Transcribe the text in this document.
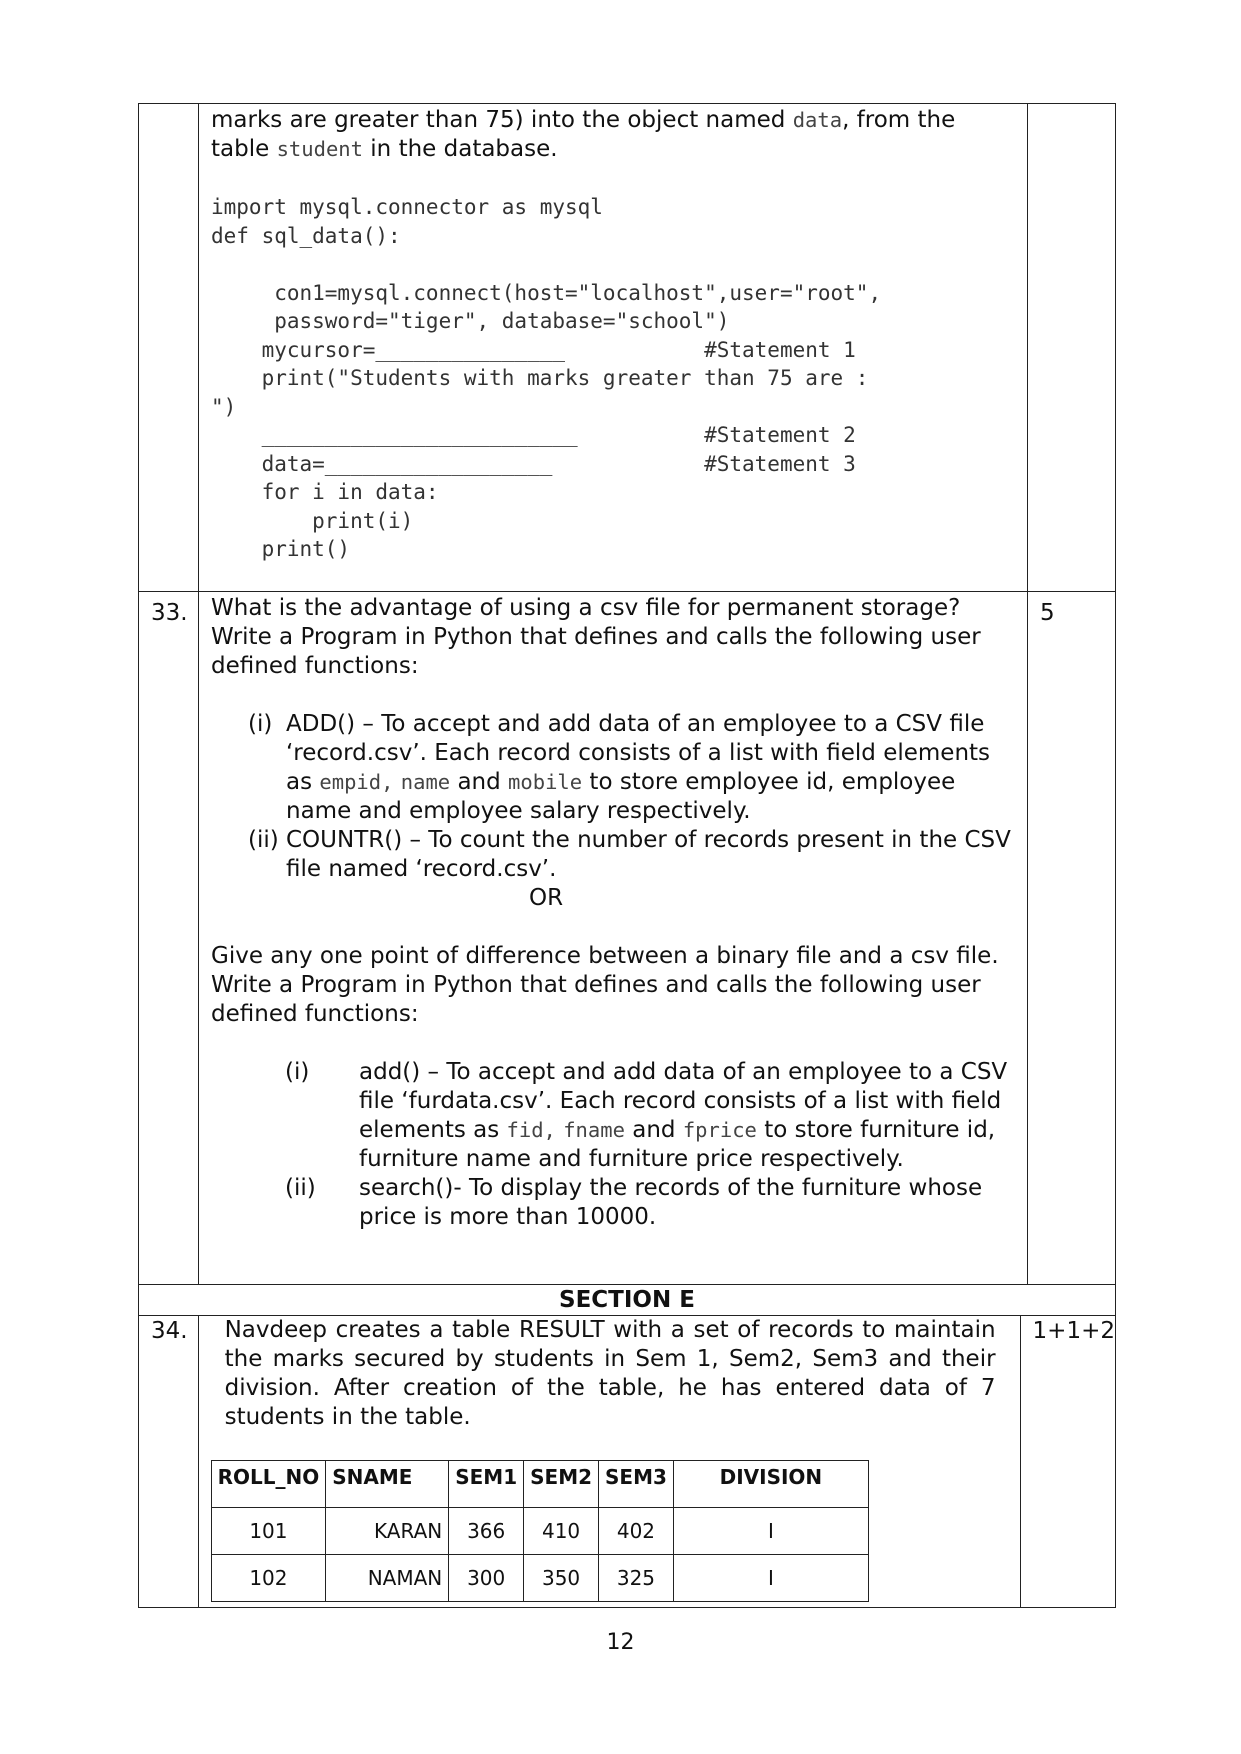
marks are greater than 75) into the object named data, from the

table student in the database.

import mysql.connector as mysql
def sql_data():

con1=mysql.connect(host="localhost",user="root",
password="tiger", database="school")
mycursor=_______________           #Statement 1
print("Students with marks greater than 75 are :
")
_________________________          #Statement 2
data=__________________            #Statement 3
for i in data:
print(i)
print()
33.	What is the advantage of using a csv file for permanent storage?

Write a Program in Python that defines and calls the following user defined functions:

(i) ADD() – To accept and add data of an employee to a CSV file ‘record.csv’. Each record consists of a list with field elements as empid, name and mobile to store employee id, employee name and employee salary respectively.
(ii) COUNTR() – To count the number of records present in the CSV file named ‘record.csv’.

OR

Give any one point of difference between a binary file and a csv file.

Write a Program in Python that defines and calls the following user defined functions:

(i)	add() – To accept and add data of an employee to a CSV file ‘furdata.csv’. Each record consists of a list with field elements as fid, fname and fprice to store furniture id, furniture name and furniture price respectively.
(ii)	search()- To display the records of the furniture whose price is more than 10000.
5
SECTION E
34.	Navdeep creates a table RESULT with a set of records to maintain the marks secured by students in Sem 1, Sem2, Sem3 and their division. After creation of the table, he has entered data of 7 students in the table.

ROLL_NO	SNAME	SEM1	SEM2	SEM3	DIVISION
101	KARAN	366	410	402	I
102	NAMAN	300	350	325	I
1+1+2
12
